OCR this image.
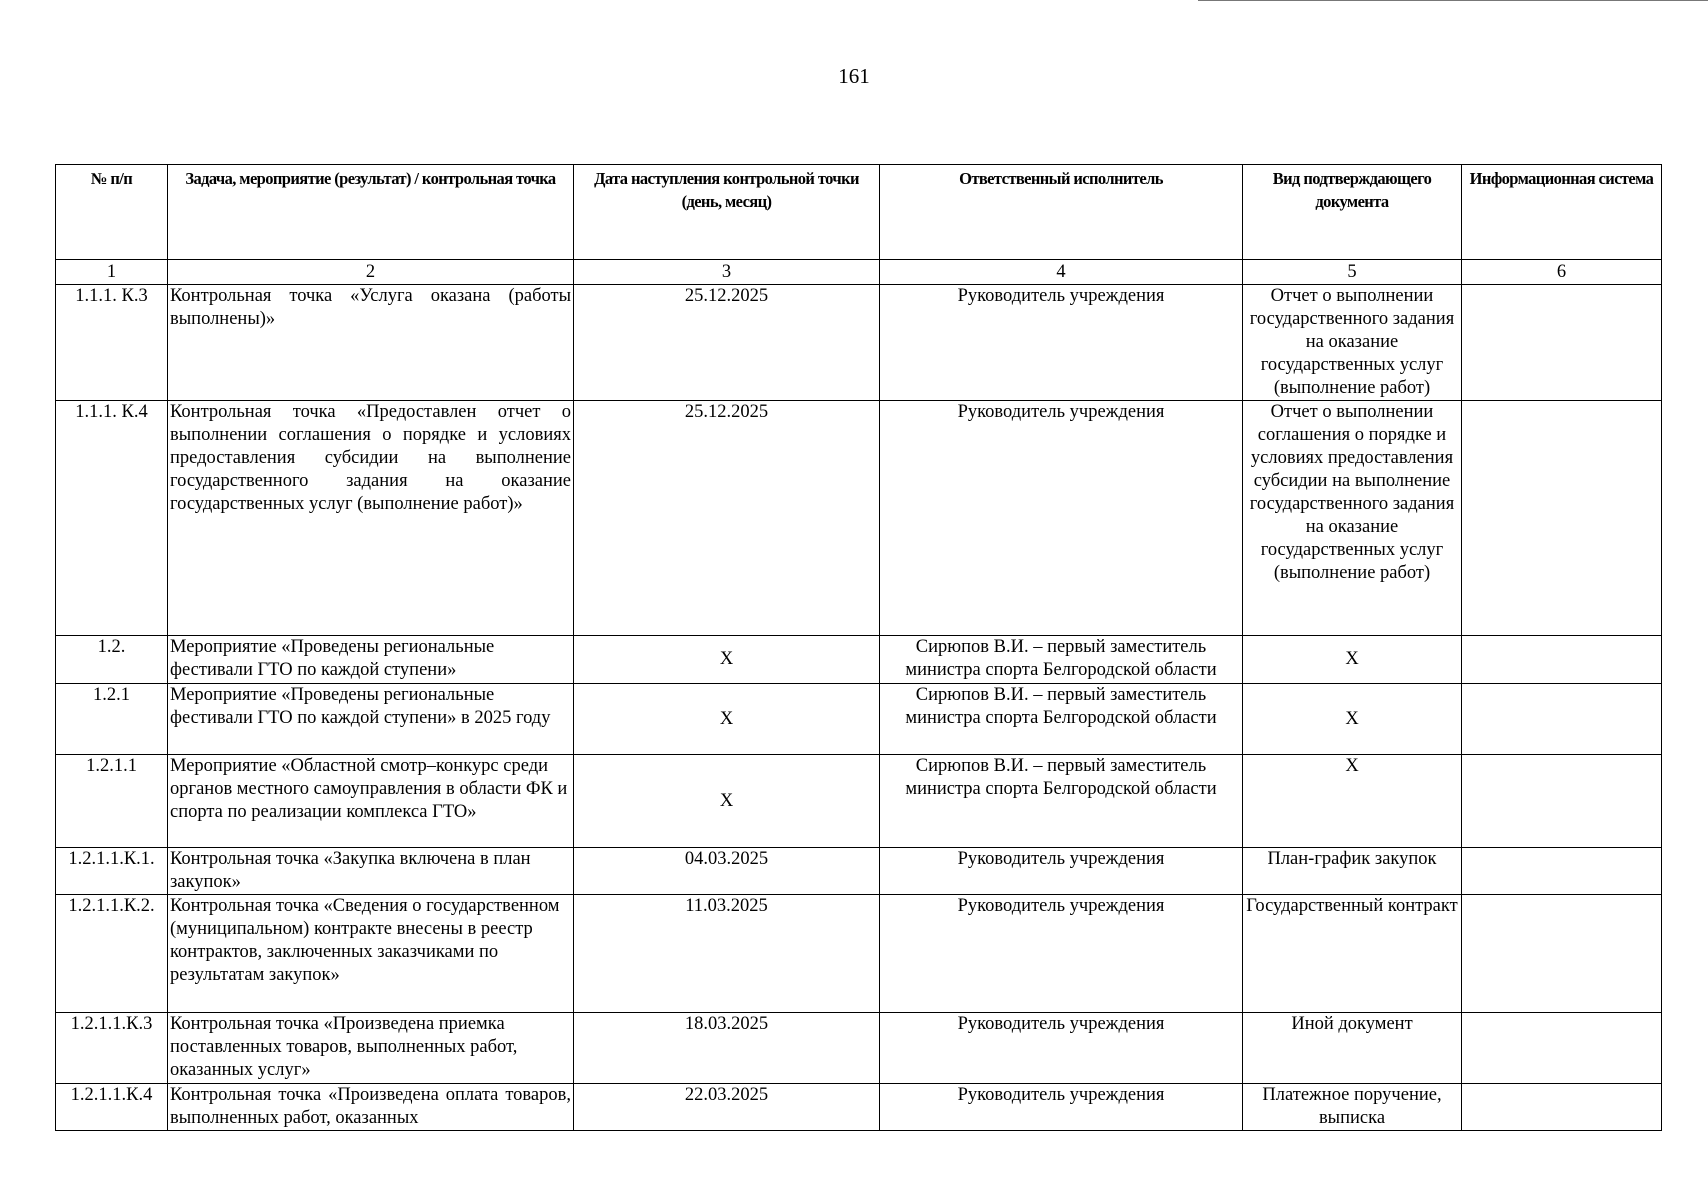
161
№ п/п	Задача, мероприятие (результат) / контрольная точка	Дата наступления контрольной точки (день, месяц)	Ответственный исполнитель	Вид подтверждающего документа	Информационная система
1	2	3	4	5	6
1.1.1. К.3	Контрольная точка «Услуга оказана (работы выполнены)»	25.12.2025	Руководитель учреждения	Отчет о выполнении государственного задания на оказание государственных услуг (выполнение работ)	
1.1.1. К.4	Контрольная точка «Предоставлен отчет о выполнении соглашения о порядке и условиях предоставления субсидии на выполнение государственного задания на оказание государственных услуг (выполнение работ)»	25.12.2025	Руководитель учреждения	Отчет о выполнении соглашения о порядке и условиях предоставления субсидии на выполнение государственного задания на оказание государственных услуг (выполнение работ)	
1.2.	Мероприятие «Проведены региональные фестивали ГТО по каждой ступени»	X	Сирюпов В.И. – первый заместитель министра спорта Белгородской области	X	
1.2.1	Мероприятие «Проведены региональные фестивали ГТО по каждой ступени» в 2025 году	X	Сирюпов В.И. – первый заместитель министра спорта Белгородской области	X	
1.2.1.1	Мероприятие «Областной смотр–конкурс среди органов местного самоуправления в области ФК и спорта по реализации комплекса ГТО»	X	Сирюпов В.И. – первый заместитель министра спорта Белгородской области	X	
1.2.1.1.К.1.	Контрольная точка «Закупка включена в план закупок»	04.03.2025	Руководитель учреждения	План-график закупок	
1.2.1.1.К.2.	Контрольная точка «Сведения о государственном (муниципальном) контракте внесены в реестр контрактов, заключенных заказчиками по результатам закупок»	11.03.2025	Руководитель учреждения	Государственный контракт	
1.2.1.1.К.3	Контрольная точка «Произведена приемка поставленных товаров, выполненных работ, оказанных услуг»	18.03.2025	Руководитель учреждения	Иной документ	
1.2.1.1.К.4	Контрольная точка «Произведена оплата товаров, выполненных работ, оказанных	22.03.2025	Руководитель учреждения	Платежное поручение, выписка	
